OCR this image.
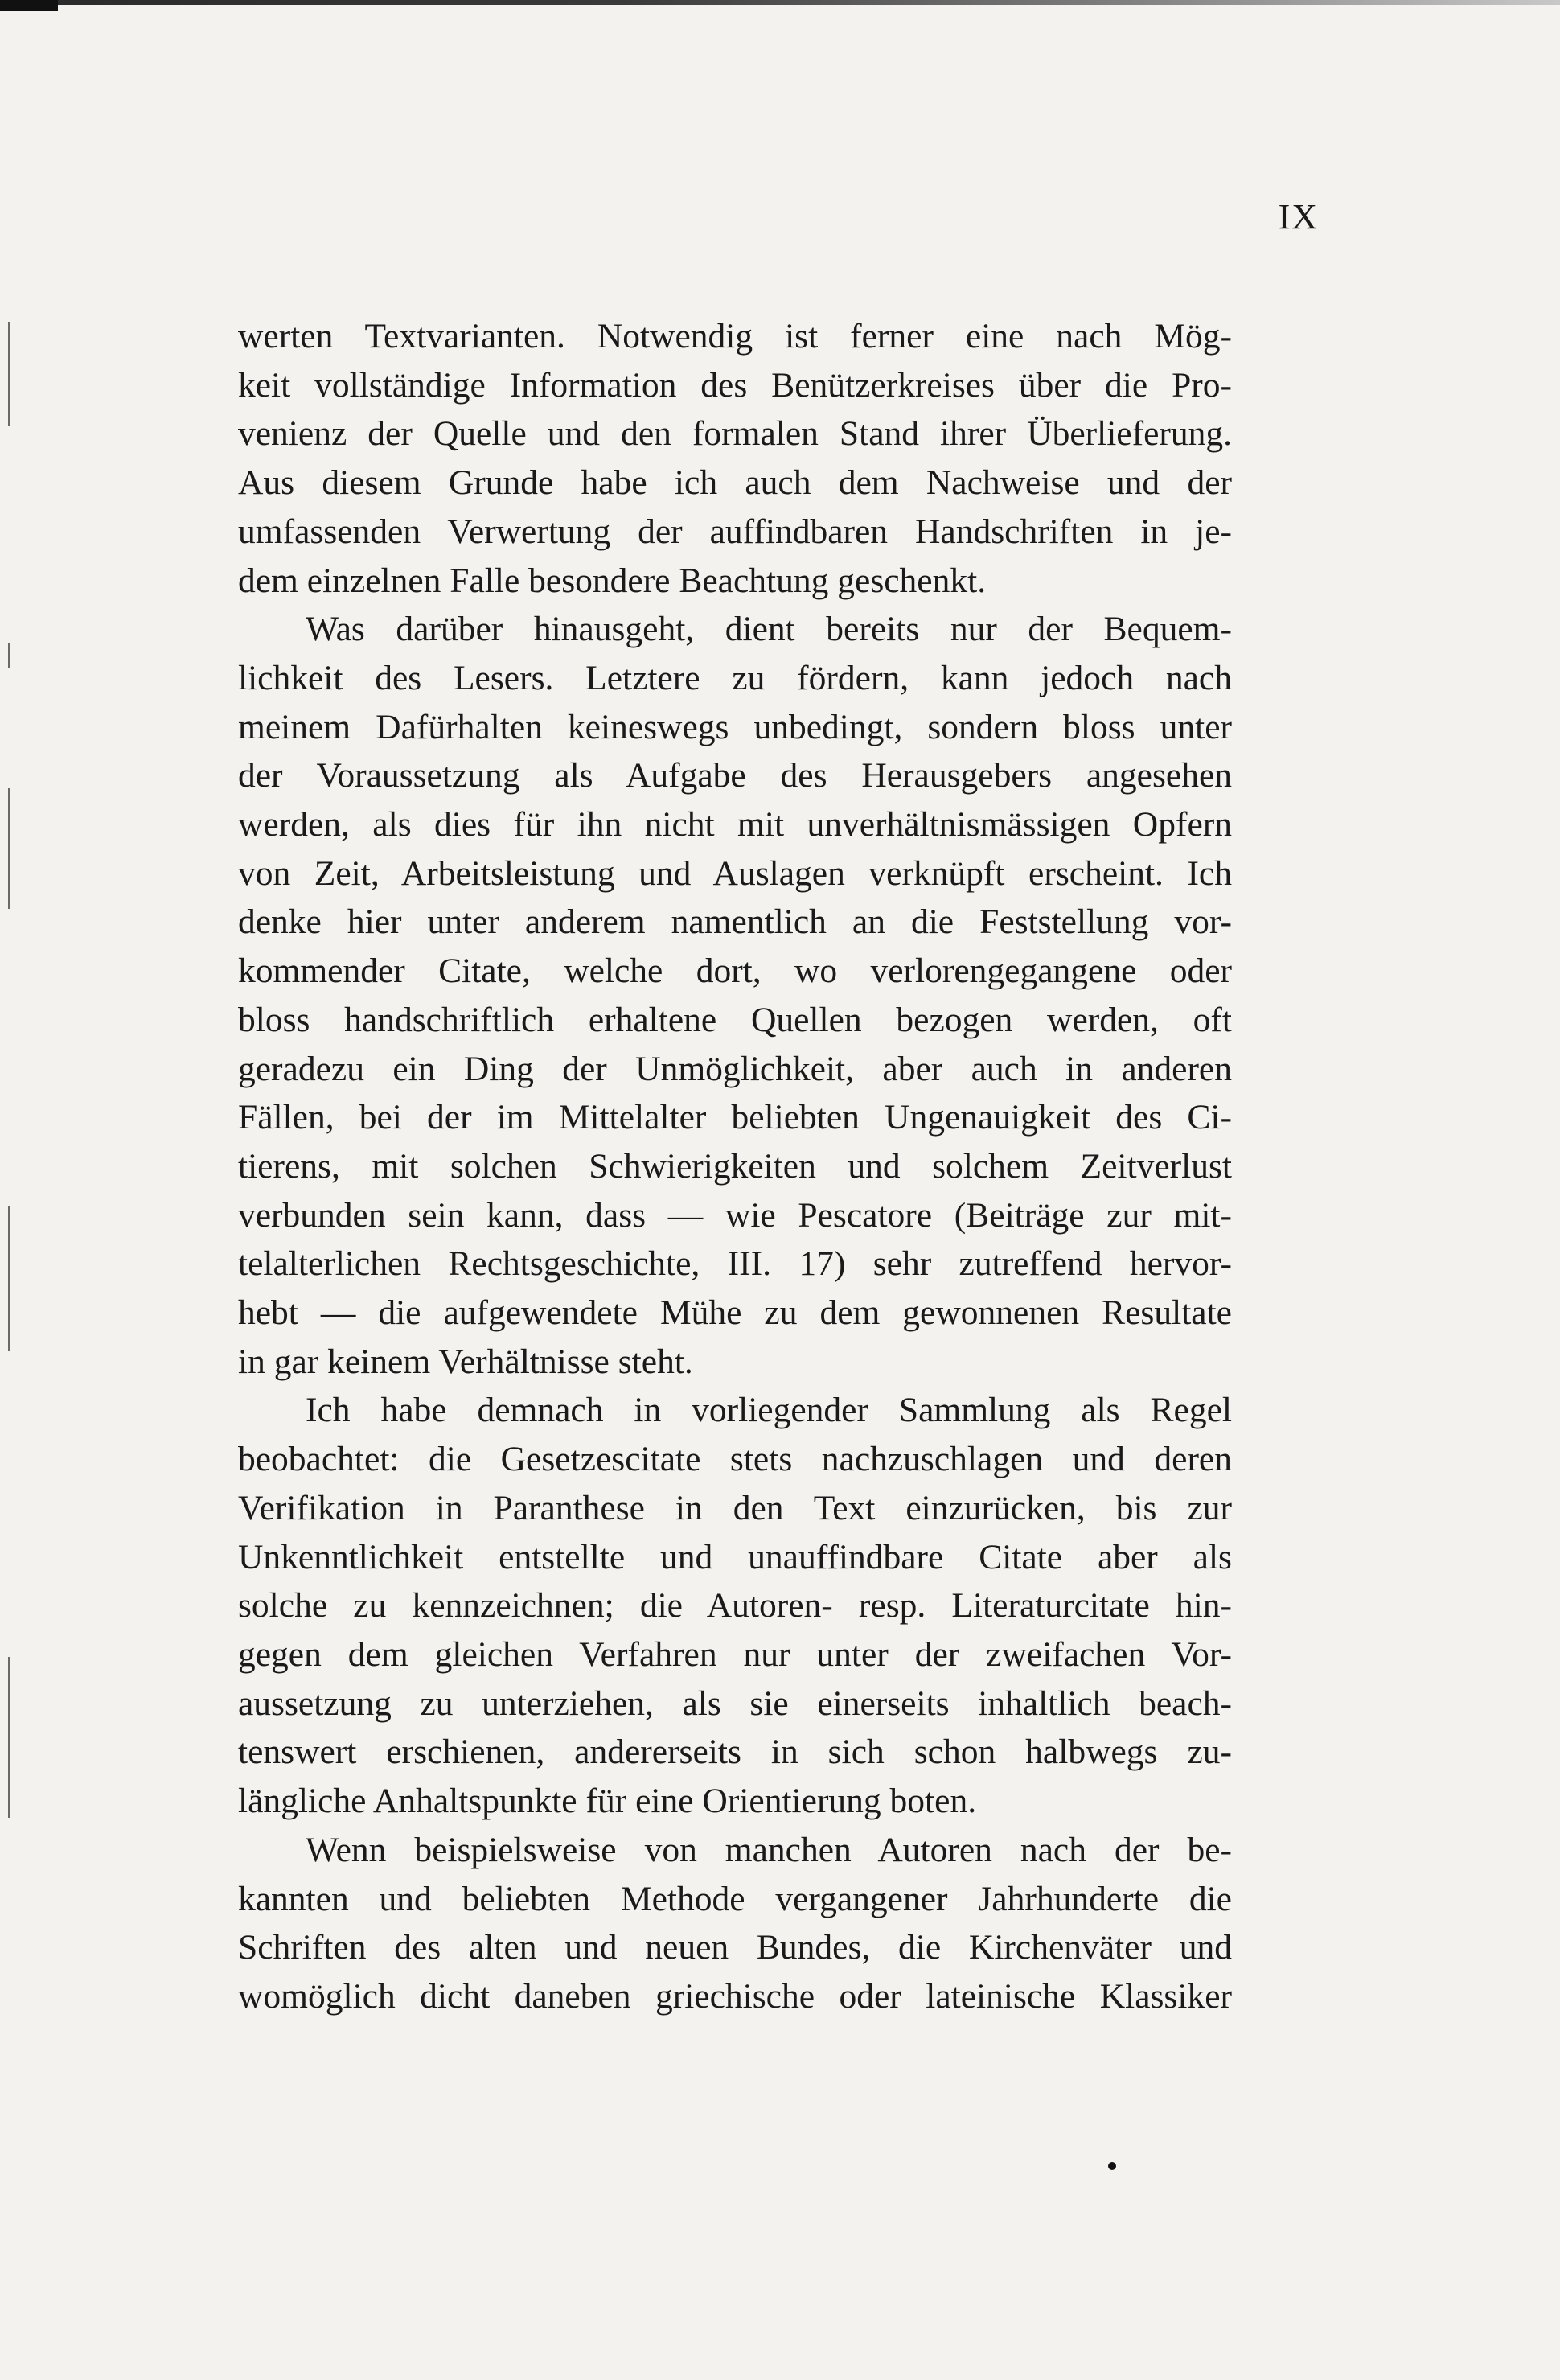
IX

werten Textvarianten. Notwendig ist ferner eine nach Mög-
keit vollständige Information des Benützerkreises über die Pro-
venienz der Quelle und den formalen Stand ihrer Überlieferung.
Aus diesem Grunde habe ich auch dem Nachweise und der
umfassenden Verwertung der auffindbaren Handschriften in je-
dem einzelnen Falle besondere Beachtung geschenkt.

Was darüber hinausgeht, dient bereits nur der Bequem-
lichkeit des Lesers. Letztere zu fördern, kann jedoch nach
meinem Dafürhalten keineswegs unbedingt, sondern bloss unter
der Voraussetzung als Aufgabe des Herausgebers angesehen
werden, als dies für ihn nicht mit unverhältnismässigen Opfern
von Zeit, Arbeitsleistung und Auslagen verknüpft erscheint. Ich
denke hier unter anderem namentlich an die Feststellung vor-
kommender Citate, welche dort, wo verlorengegangene oder
bloss handschriftlich erhaltene Quellen bezogen werden, oft
geradezu ein Ding der Unmöglichkeit, aber auch in anderen
Fällen, bei der im Mittelalter beliebten Ungenauigkeit des Ci-
tierens, mit solchen Schwierigkeiten und solchem Zeitverlust
verbunden sein kann, dass — wie Pescatore (Beiträge zur mit-
telalterlichen Rechtsgeschichte, III. 17) sehr zutreffend hervor-
hebt — die aufgewendete Mühe zu dem gewonnenen Resultate
in gar keinem Verhältnisse steht.

Ich habe demnach in vorliegender Sammlung als Regel
beobachtet: die Gesetzescitate stets nachzuschlagen und deren
Verifikation in Paranthese in den Text einzurücken, bis zur
Unkenntlichkeit entstellte und unauffindbare Citate aber als
solche zu kennzeichnen; die Autoren- resp. Literaturcitate hin-
gegen dem gleichen Verfahren nur unter der zweifachen Vor-
aussetzung zu unterziehen, als sie einerseits inhaltlich beach-
tenswert erschienen, andererseits in sich schon halbwegs zu-
längliche Anhaltspunkte für eine Orientierung boten.

Wenn beispielsweise von manchen Autoren nach der be-
kannten und beliebten Methode vergangener Jahrhunderte die
Schriften des alten und neuen Bundes, die Kirchenväter und
womöglich dicht daneben griechische oder lateinische Klassiker
